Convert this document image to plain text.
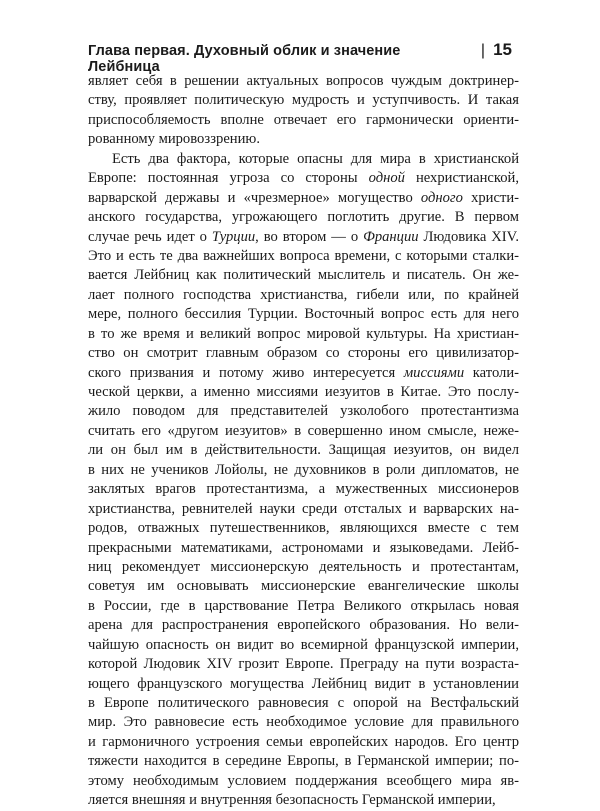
Глава первая. Духовный облик и значение Лейбница
| 15
являет себя в решении актуальных вопросов чуждым доктринер-
ству, проявляет политическую мудрость и уступчивость. И такая
приспособляемость вполне отвечает его гармонически ориенти-
рованному мировоззрению.
Есть два фактора, которые опасны для мира в христианской
Европе: постоянная угроза со стороны одной нехристианской,
варварской державы и «чрезмерное» могущество одного христи-
анского государства, угрожающего поглотить другие. В первом
случае речь идет о Турции, во втором — о Франции Людовика XIV.
Это и есть те два важнейших вопроса времени, с которыми сталки-
вается Лейбниц как политический мыслитель и писатель. Он же-
лает полного господства христианства, гибели или, по крайней
мере, полного бессилия Турции. Восточный вопрос есть для него
в то же время и великий вопрос мировой культуры. На христиан-
ство он смотрит главным образом со стороны его цивилизатор-
ского призвания и потому живо интересуется миссиями католи-
ческой церкви, а именно миссиями иезуитов в Китае. Это послу-
жило поводом для представителей узколобого протестантизма
считать его «другом иезуитов» в совершенно ином смысле, неже-
ли он был им в действительности. Защищая иезуитов, он видел
в них не учеников Лойолы, не духовников в роли дипломатов, не
заклятых врагов протестантизма, а мужественных миссионеров
христианства, ревнителей науки среди отсталых и варварских на-
родов, отважных путешественников, являющихся вместе с тем
прекрасными математиками, астрономами и языковедами. Лейб-
ниц рекомендует миссионерскую деятельность и протестантам,
советуя им основывать миссионерские евангелические школы
в России, где в царствование Петра Великого открылась новая
арена для распространения европейского образования. Но вели-
чайшую опасность он видит во всемирной французской империи,
которой Людовик XIV грозит Европе. Преграду на пути возраста-
ющего французского могущества Лейбниц видит в установлении
в Европе политического равновесия с опорой на Вестфальский
мир. Это равновесие есть необходимое условие для правильного
и гармоничного устроения семьи европейских народов. Его центр
тяжести находится в середине Европы, в Германской империи; по-
этому необходимым условием поддержания всеобщего мира яв-
ляется внешняя и внутренняя безопасность Германской империи,
